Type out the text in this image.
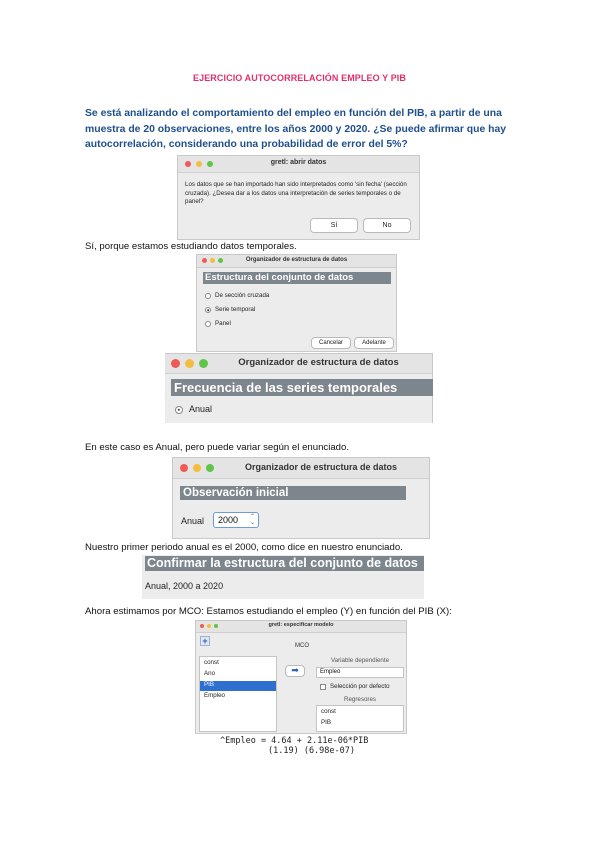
EJERCICIO AUTOCORRELACIÓN EMPLEO Y PIB
Se está analizando el comportamiento del empleo en función del PIB, a partir de una muestra de 20 observaciones, entre los años 2000 y 2020. ¿Se puede afirmar que hay autocorrelación, considerando una probabilidad de error del 5%?
gretl: abrir datos
Los datos que se han importado han sido interpretados como 'sin fecha' (sección cruzada). ¿Desea dar a los datos una interpretación de series temporales o de panel?
Sí	No
Sí, porque estamos estudiando datos temporales.
Organizador de estructura de datos
Estructura del conjunto de datos
De sección cruzada
Serie temporal
Panel
Cancelar	Adelante
Organizador de estructura de datos
Frecuencia de las series temporales
Anual
En este caso es Anual, pero puede variar según el enunciado.
Organizador de estructura de datos
Observación inicial
Anual 2000 ⌃
⌄
Nuestro primer periodo anual es el 2000, como dice en nuestro enunciado.
Confirmar la estructura del conjunto de datos
Anual, 2000 a 2020
Ahora estimamos por MCO: Estamos estudiando el empleo (Y) en función del PIB (X):
gretl: especificar modelo
+	MCO
const
Ano
PIB
Empleo
➡
Variable dependiente
Empleo
Selección por defecto
Regresores
const
PIB
^Empleo = 4.64 + 2.11e-06*PIB
(1.19) (6.98e-07)
